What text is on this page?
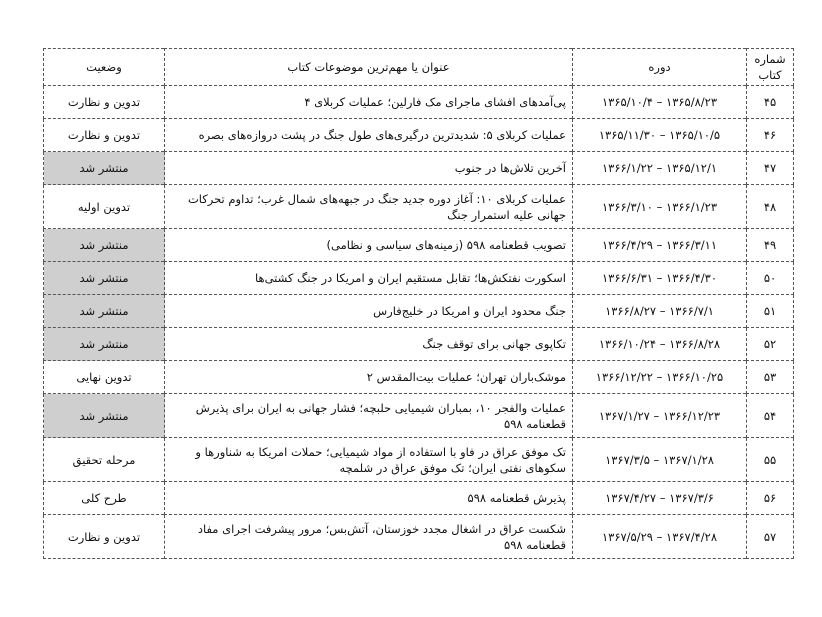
شماره کتاب	دوره	عنوان یا مهم‌ترین موضوعات کتاب	وضعیت
۴۵	۱۳۶۵/۸/۲۳ – ۱۳۶۵/۱۰/۴	پی‌آمدهای افشای ماجرای مک فارلین؛ عملیات کربلای ۴	تدوین و نظارت
۴۶	۱۳۶۵/۱۰/۵ – ۱۳۶۵/۱۱/۳۰	عملیات کربلای ۵: شدیدترین درگیری‌های طول جنگ در پشت دروازه‌های بصره	تدوین و نظارت
۴۷	۱۳۶۵/۱۲/۱ – ۱۳۶۶/۱/۲۲	آخرین تلاش‌ها در جنوب	منتشر شد
۴۸	۱۳۶۶/۱/۲۳ – ۱۳۶۶/۳/۱۰	عملیات کربلای ۱۰: آغاز دوره جدید جنگ در جبهه‌های شمال غرب؛ تداوم تحرکات جهانی علیه استمرار جنگ	تدوین اولیه
۴۹	۱۳۶۶/۳/۱۱ – ۱۳۶۶/۴/۲۹	تصویب قطعنامه ۵۹۸ (زمینه‌های سیاسی و نظامی)	منتشر شد
۵۰	۱۳۶۶/۴/۳۰ – ۱۳۶۶/۶/۳۱	اسکورت نفتکش‌ها؛ تقابل مستقیم ایران و امریکا در جنگ کشتی‌ها	منتشر شد
۵۱	۱۳۶۶/۷/۱ – ۱۳۶۶/۸/۲۷	جنگ محدود ایران و امریکا در خلیج‌فارس	منتشر شد
۵۲	۱۳۶۶/۸/۲۸ – ۱۳۶۶/۱۰/۲۴	تکاپوی جهانی برای توقف جنگ	منتشر شد
۵۳	۱۳۶۶/۱۰/۲۵ – ۱۳۶۶/۱۲/۲۲	موشک‌باران تهران؛ عملیات بیت‌المقدس ۲	تدوین نهایی
۵۴	۱۳۶۶/۱۲/۲۳ – ۱۳۶۷/۱/۲۷	عملیات والفجر ۱۰، بمباران شیمیایی حلبچه؛ فشار جهانی به ایران برای پذیرش قطعنامه ۵۹۸	منتشر شد
۵۵	۱۳۶۷/۱/۲۸ – ۱۳۶۷/۳/۵	تک موفق عراق در فاو با استفاده از مواد شیمیایی؛ حملات امریکا به شناورها و سکوهای نفتی ایران؛ تک موفق عراق در شلمچه	مرحله تحقیق
۵۶	۱۳۶۷/۳/۶ – ۱۳۶۷/۴/۲۷	پذیرش قطعنامه ۵۹۸	طرح کلی
۵۷	۱۳۶۷/۴/۲۸ – ۱۳۶۷/۵/۲۹	شکست عراق در اشغال مجدد خوزستان، آتش‌بس؛ مرور پیشرفت اجرای مفاد قطعنامه ۵۹۸	تدوین و نظارت
